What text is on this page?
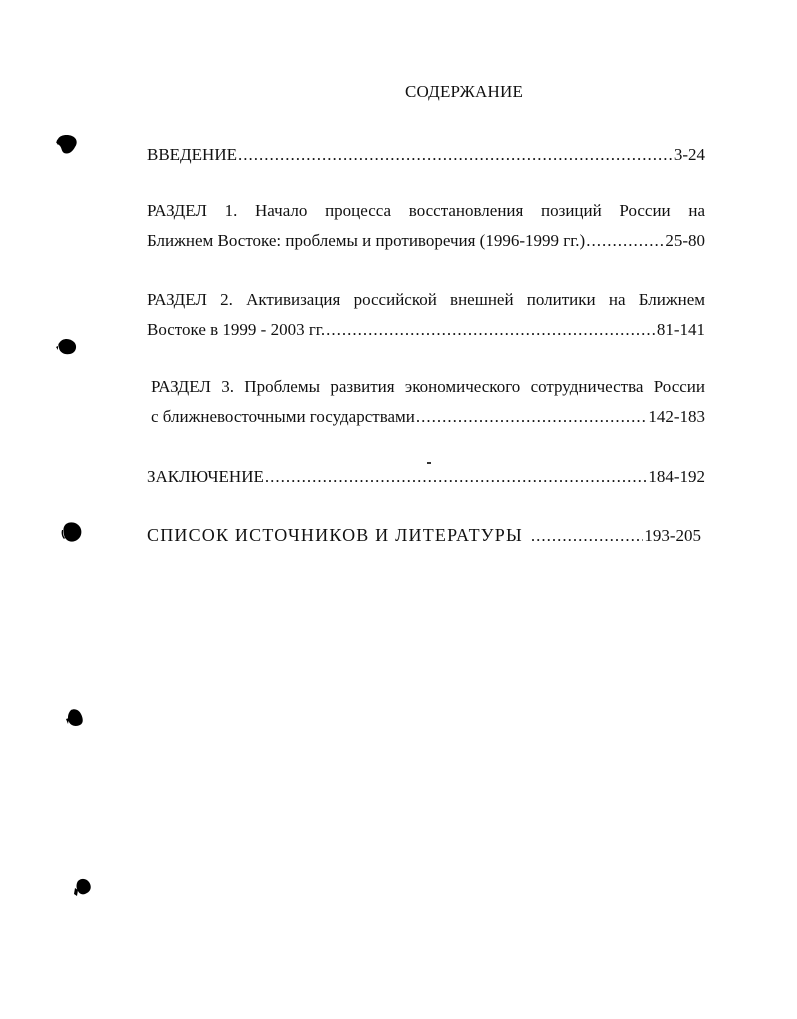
СОДЕРЖАНИЕ
ВВЕДЕНИЕ .....	3-24
РАЗДЕЛ 1. Начало процесса восстановления позиций России на
Ближнем Востоке: проблемы и противоречия (1996-1999 гг.) .....	25-80
РАЗДЕЛ 2. Активизация российской внешней политики на Ближнем
Востоке в 1999 - 2003 гг. .....	81-141
РАЗДЕЛ 3. Проблемы развития экономического сотрудничества России
с ближневосточными государствами .....	142-183
ЗАКЛЮЧЕНИЕ .....	184-192
СПИСОК ИСТОЧНИКОВ И ЛИТЕРАТУРЫ .....	193-205
